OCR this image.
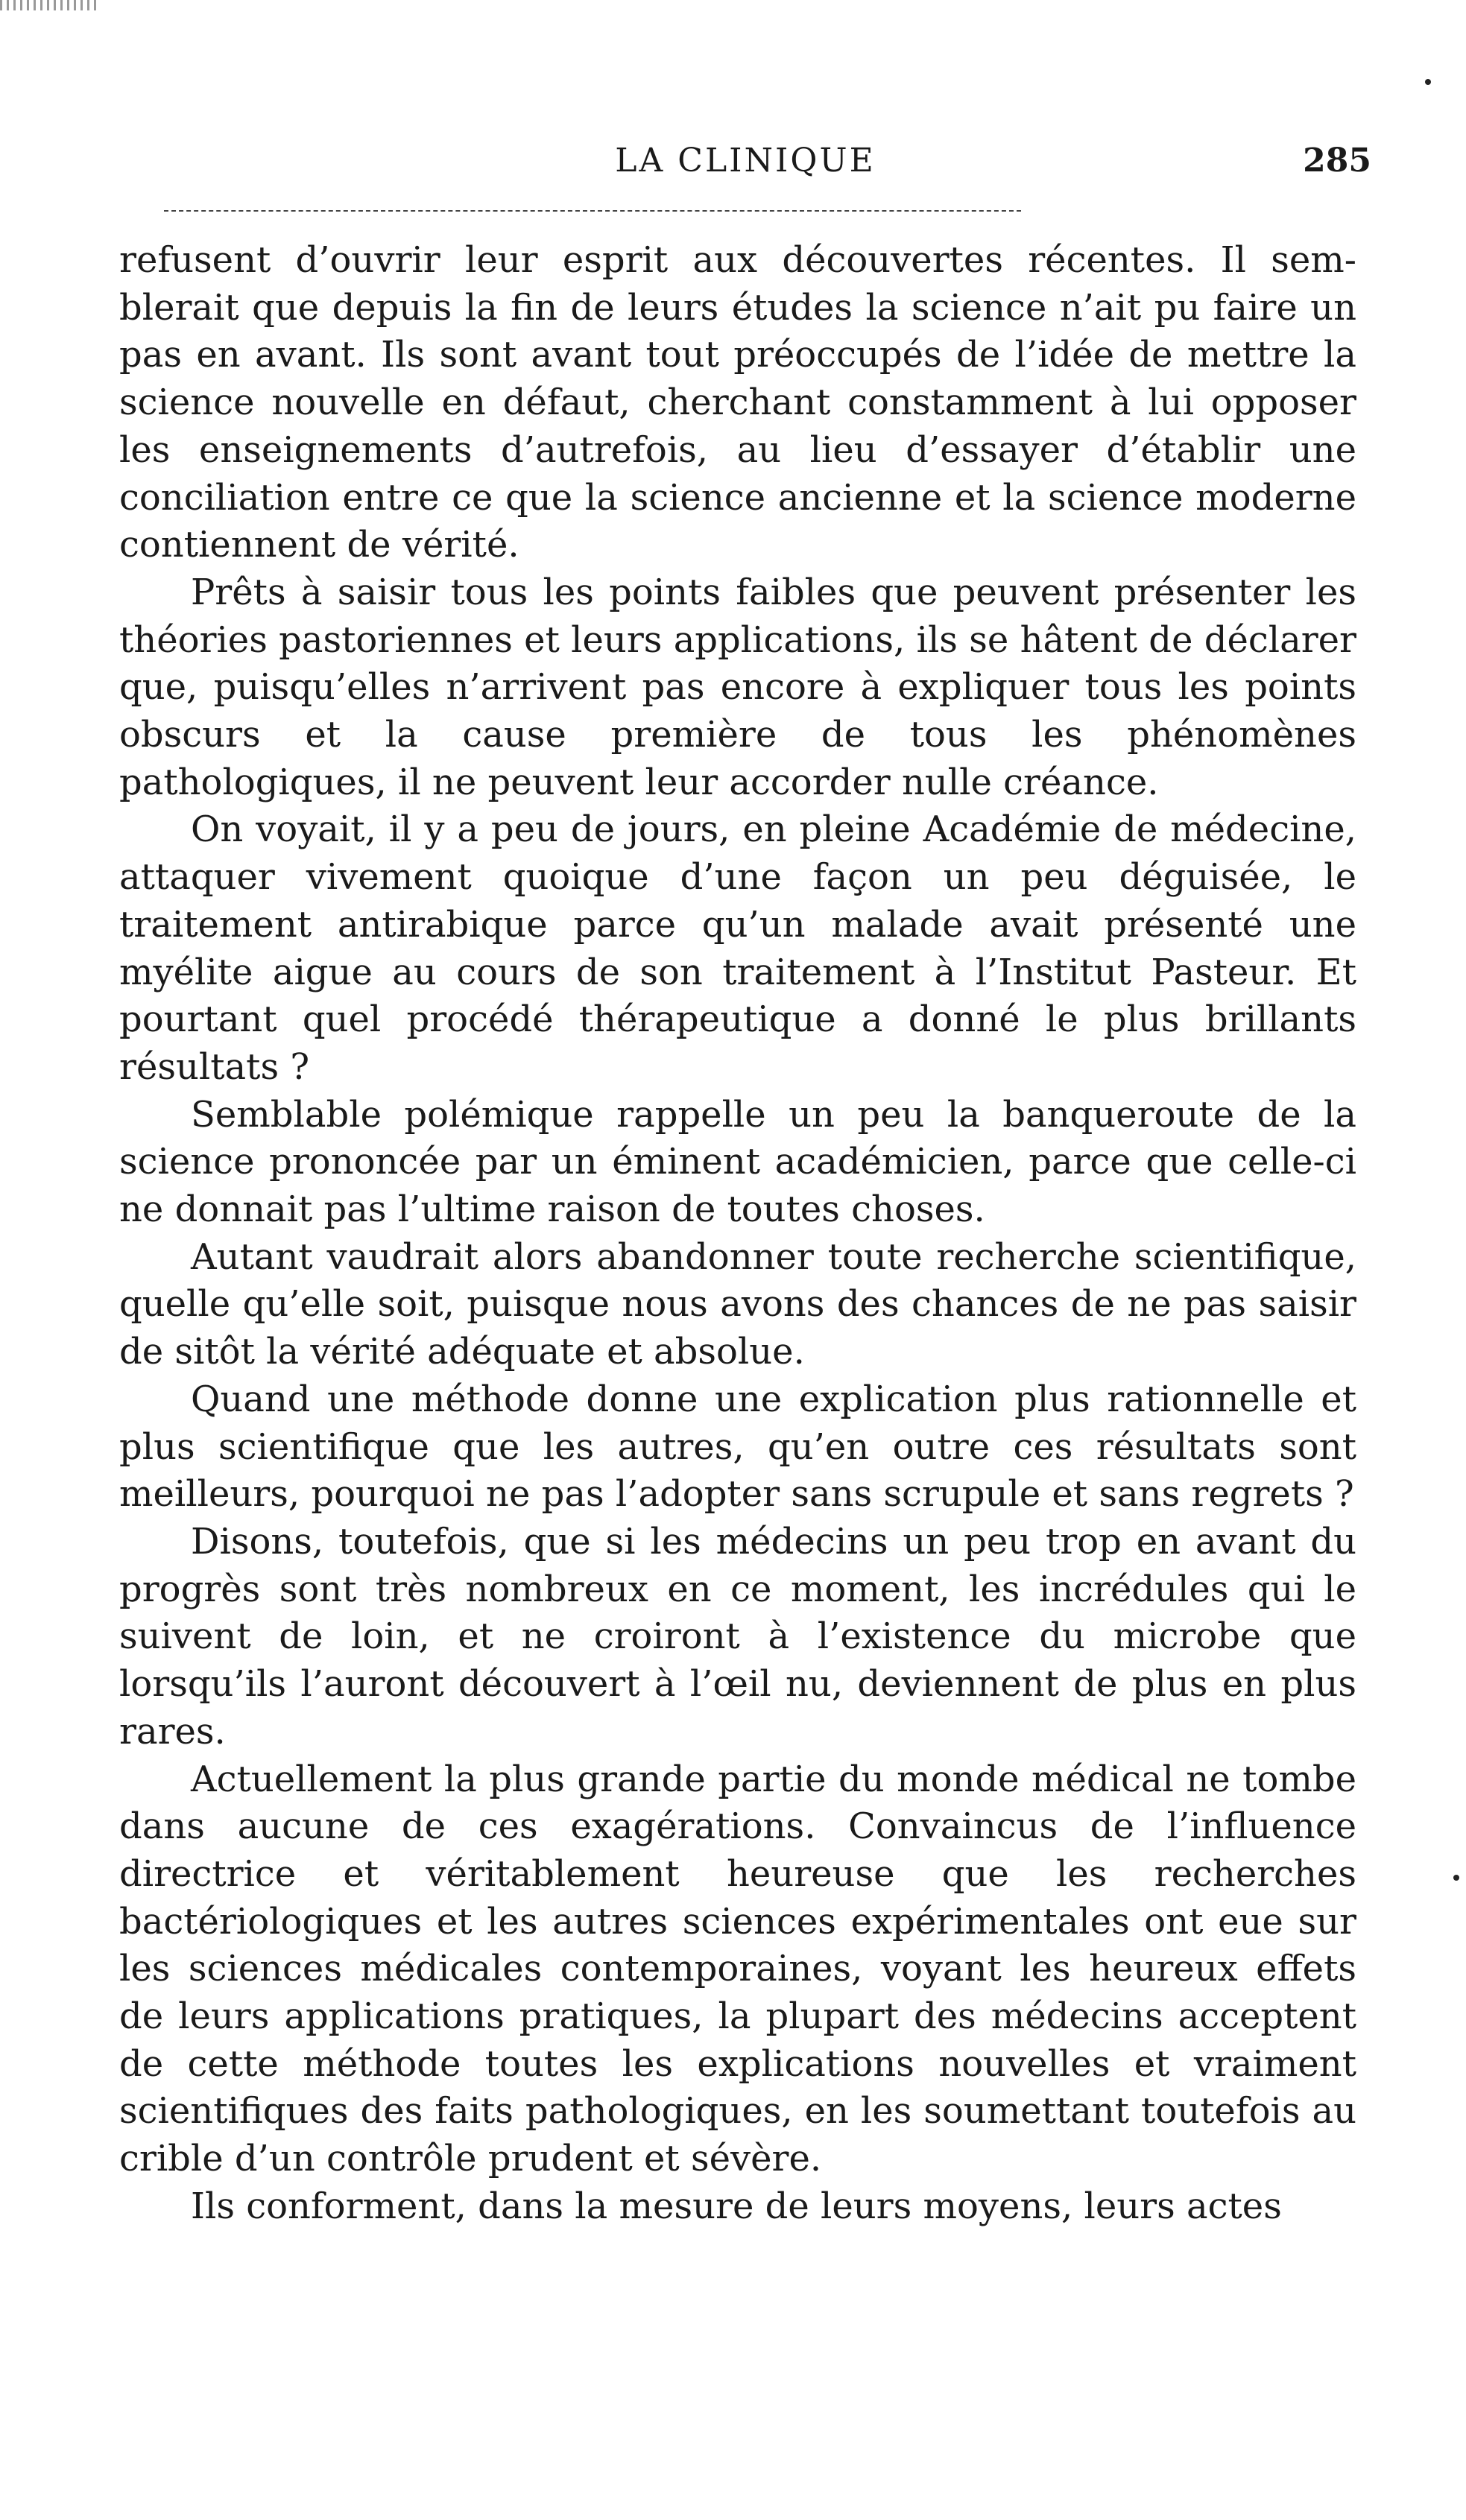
LA CLINIQUE	285

refusent d’ouvrir leur esprit aux découvertes récentes. Il semblerait que depuis la fin de leurs études la science n’ait pu faire un pas en avant. Ils sont avant tout préoccupés de l’idée de mettre la science nouvelle en défaut, cherchant constamment à lui opposer les enseignements d’autrefois, au lieu d’essayer d’établir une conciliation entre ce que la science ancienne et la science moderne contiennent de vérité.

Prêts à saisir tous les points faibles que peuvent présenter les théories pastoriennes et leurs applications, ils se hâtent de déclarer que, puisqu’elles n’arrivent pas encore à expliquer tous les points obscurs et la cause première de tous les phénomènes pathologiques, il ne peuvent leur accorder nulle créance.

On voyait, il y a peu de jours, en pleine Académie de médecine, attaquer vivement quoique d’une façon un peu déguisée, le traitement antirabique parce qu’un malade avait présenté une myélite aigue au cours de son traitement à l’Institut Pasteur. Et pourtant quel procédé thérapeutique a donné le plus brillants résultats ?

Semblable polémique rappelle un peu la banqueroute de la science prononcée par un éminent académicien, parce que celle-ci ne donnait pas l’ultime raison de toutes choses.

Autant vaudrait alors abandonner toute recherche scientifique, quelle qu’elle soit, puisque nous avons des chances de ne pas saisir de sitôt la vérité adéquate et absolue.

Quand une méthode donne une explication plus rationnelle et plus scientifique que les autres, qu’en outre ces résultats sont meilleurs, pourquoi ne pas l’adopter sans scrupule et sans regrets ?

Disons, toutefois, que si les médecins un peu trop en avant du progrès sont très nombreux en ce moment, les incrédules qui le suivent de loin, et ne croiront à l’existence du microbe que lorsqu’ils l’auront découvert à l’œil nu, deviennent de plus en plus rares.

Actuellement la plus grande partie du monde médical ne tombe dans aucune de ces exagérations. Convaincus de l’influence directrice et véritablement heureuse que les recherches bactériologiques et les autres sciences expérimentales ont eue sur les sciences médicales contemporaines, voyant les heureux effets de leurs applications pratiques, la plupart des médecins acceptent de cette méthode toutes les explications nouvelles et vraiment scientifiques des faits pathologiques, en les soumettant toutefois au crible d’un contrôle prudent et sévère.

Ils conforment, dans la mesure de leurs moyens, leurs actes
